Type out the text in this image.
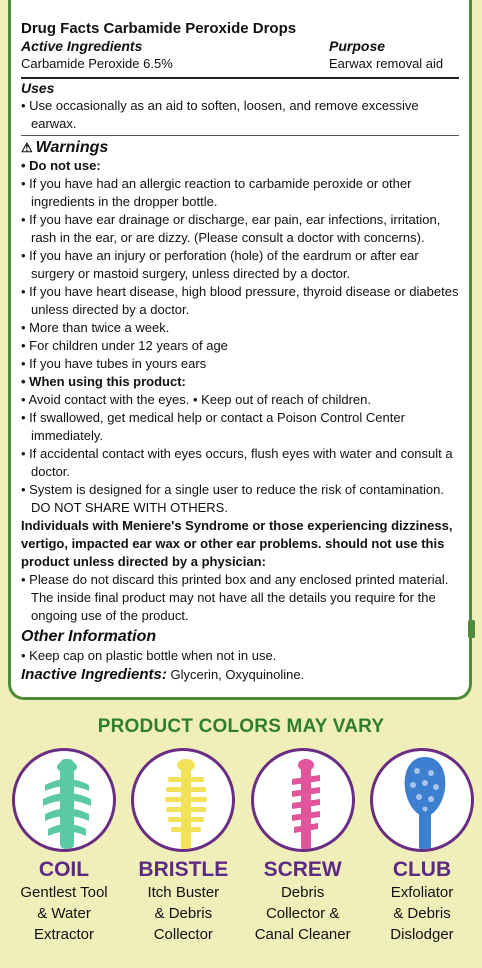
Drug Facts Carbamide Peroxide Drops
Active Ingredients	Purpose
Carbamide Peroxide 6.5%	Earwax removal aid
Uses
• Use occasionally as an aid to soften, loosen, and remove excessive earwax.
⚠ Warnings
• Do not use:
• If you have had an allergic reaction to carbamide peroxide or other ingredients in the dropper bottle.
• If you have ear drainage or discharge, ear pain, ear infections, irritation, rash in the ear, or are dizzy. (Please consult a doctor with concerns).
• If you have an injury or perforation (hole) of the eardrum or after ear surgery or mastoid surgery, unless directed by a doctor.
• If you have heart disease, high blood pressure, thyroid disease or diabetes unless directed by a doctor.
• More than twice a week.
• For children under 12 years of age
• If you have tubes in yours ears
• When using this product:
• Avoid contact with the eyes. • Keep out of reach of children.
• If swallowed, get medical help or contact a Poison Control Center immediately.
• If accidental contact with eyes occurs, flush eyes with water and consult a doctor.
• System is designed for a single user to reduce the risk of contamination. DO NOT SHARE WITH OTHERS.
Individuals with Meniere's Syndrome or those experiencing dizziness, vertigo, impacted ear wax or other ear problems. should not use this product unless directed by a physician:
• Please do not discard this printed box and any enclosed printed material. The inside final product may not have all the details you require for the ongoing use of the product.
Other Information
• Keep cap on plastic bottle when not in use.
Inactive Ingredients: Glycerin, Oxyquinoline.
PRODUCT COLORS MAY VARY
COIL
Gentlest Tool
& Water
Extractor
BRISTLE
Itch Buster
& Debris
Collector
SCREW
Debris
Collector &
Canal Cleaner
CLUB
Exfoliator
& Debris
Dislodger
